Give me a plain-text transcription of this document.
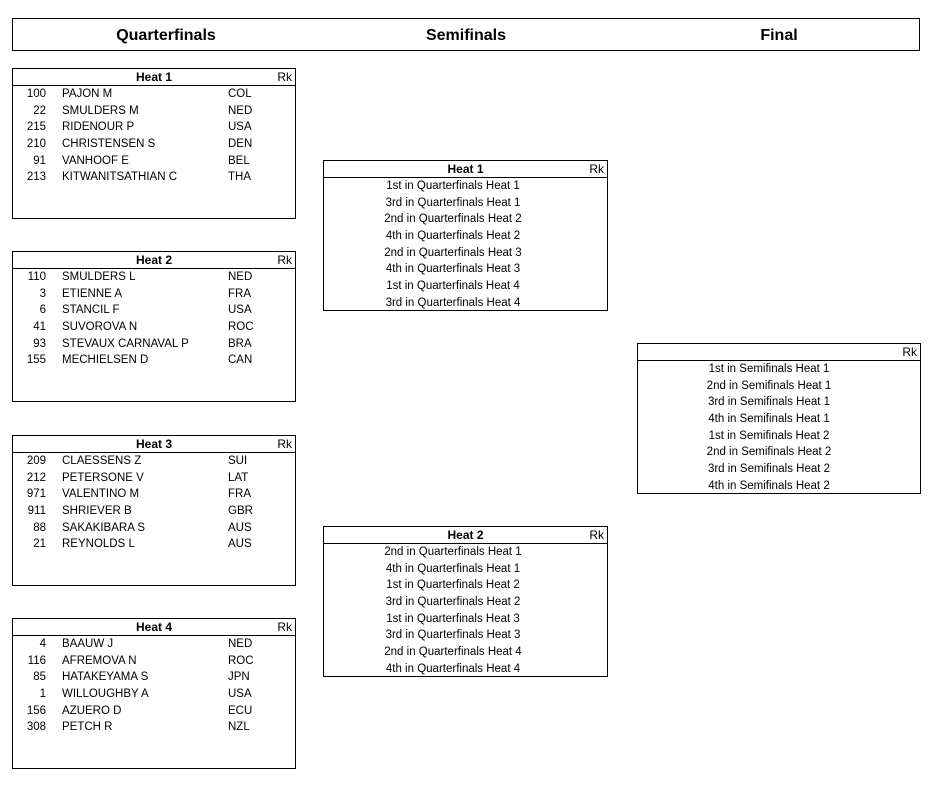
Quarterfinals	Semifinals	Final
Heat 1	Rk
100 PAJON M	COL
22 SMULDERS M	NED
215 RIDENOUR P	USA
210 CHRISTENSEN S	DEN
91 VANHOOF E	BEL
213 KITWANITSATHIAN C	THA
Heat 2	Rk
110 SMULDERS L	NED
3 ETIENNE A	FRA
6 STANCIL F	USA
41 SUVOROVA N	ROC
93 STEVAUX CARNAVAL P	BRA
155 MECHIELSEN D	CAN
Heat 3	Rk
209 CLAESSENS Z	SUI
212 PETERSONE V	LAT
971 VALENTINO M	FRA
911 SHRIEVER B	GBR
88 SAKAKIBARA S	AUS
21 REYNOLDS L	AUS
Heat 4	Rk
4 BAAUW J	NED
116 AFREMOVA N	ROC
85 HATAKEYAMA S	JPN
1 WILLOUGHBY A	USA
156 AZUERO D	ECU
308 PETCH R	NZL
Heat 1	Rk
1st in Quarterfinals Heat 1
3rd in Quarterfinals Heat 1
2nd in Quarterfinals Heat 2
4th in Quarterfinals Heat 2
2nd in Quarterfinals Heat 3
4th in Quarterfinals Heat 3
1st in Quarterfinals Heat 4
3rd in Quarterfinals Heat 4
Heat 2	Rk
2nd in Quarterfinals Heat 1
4th in Quarterfinals Heat 1
1st in Quarterfinals Heat 2
3rd in Quarterfinals Heat 2
1st in Quarterfinals Heat 3
3rd in Quarterfinals Heat 3
2nd in Quarterfinals Heat 4
4th in Quarterfinals Heat 4
Rk
1st in Semifinals Heat 1
2nd in Semifinals Heat 1
3rd in Semifinals Heat 1
4th in Semifinals Heat 1
1st in Semifinals Heat 2
2nd in Semifinals Heat 2
3rd in Semifinals Heat 2
4th in Semifinals Heat 2
